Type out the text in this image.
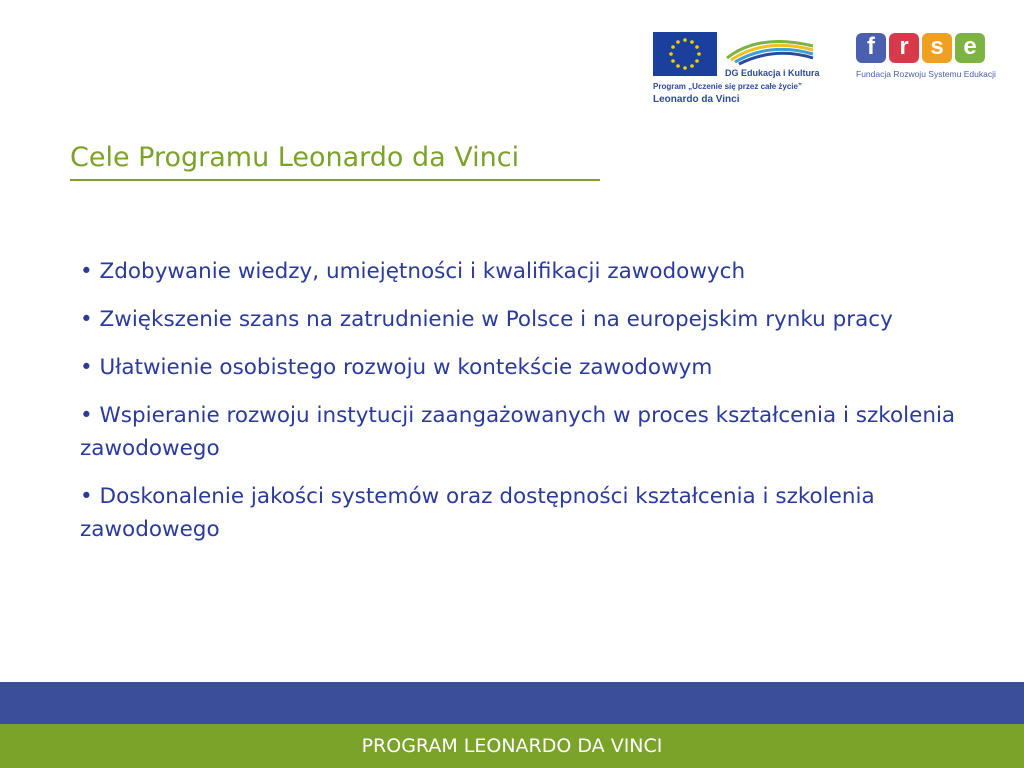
DG Edukacja i Kultura
Program „Uczenie się przez całe życie”
Leonardo da Vinci
f	r s e
Fundacja Rozwoju Systemu Edukacji
Cele Programu Leonardo da Vinci
• Zdobywanie wiedzy, umiejętności i kwalifikacji zawodowych
• Zwiększenie szans na zatrudnienie w Polsce i na europejskim rynku pracy
• Ułatwienie osobistego rozwoju w kontekście zawodowym
• Wspieranie rozwoju instytucji zaangażowanych w proces kształcenia i szkolenia zawodowego
• Doskonalenie jakości systemów oraz dostępności kształcenia i szkolenia zawodowego
PROGRAM LEONARDO DA VINCI
